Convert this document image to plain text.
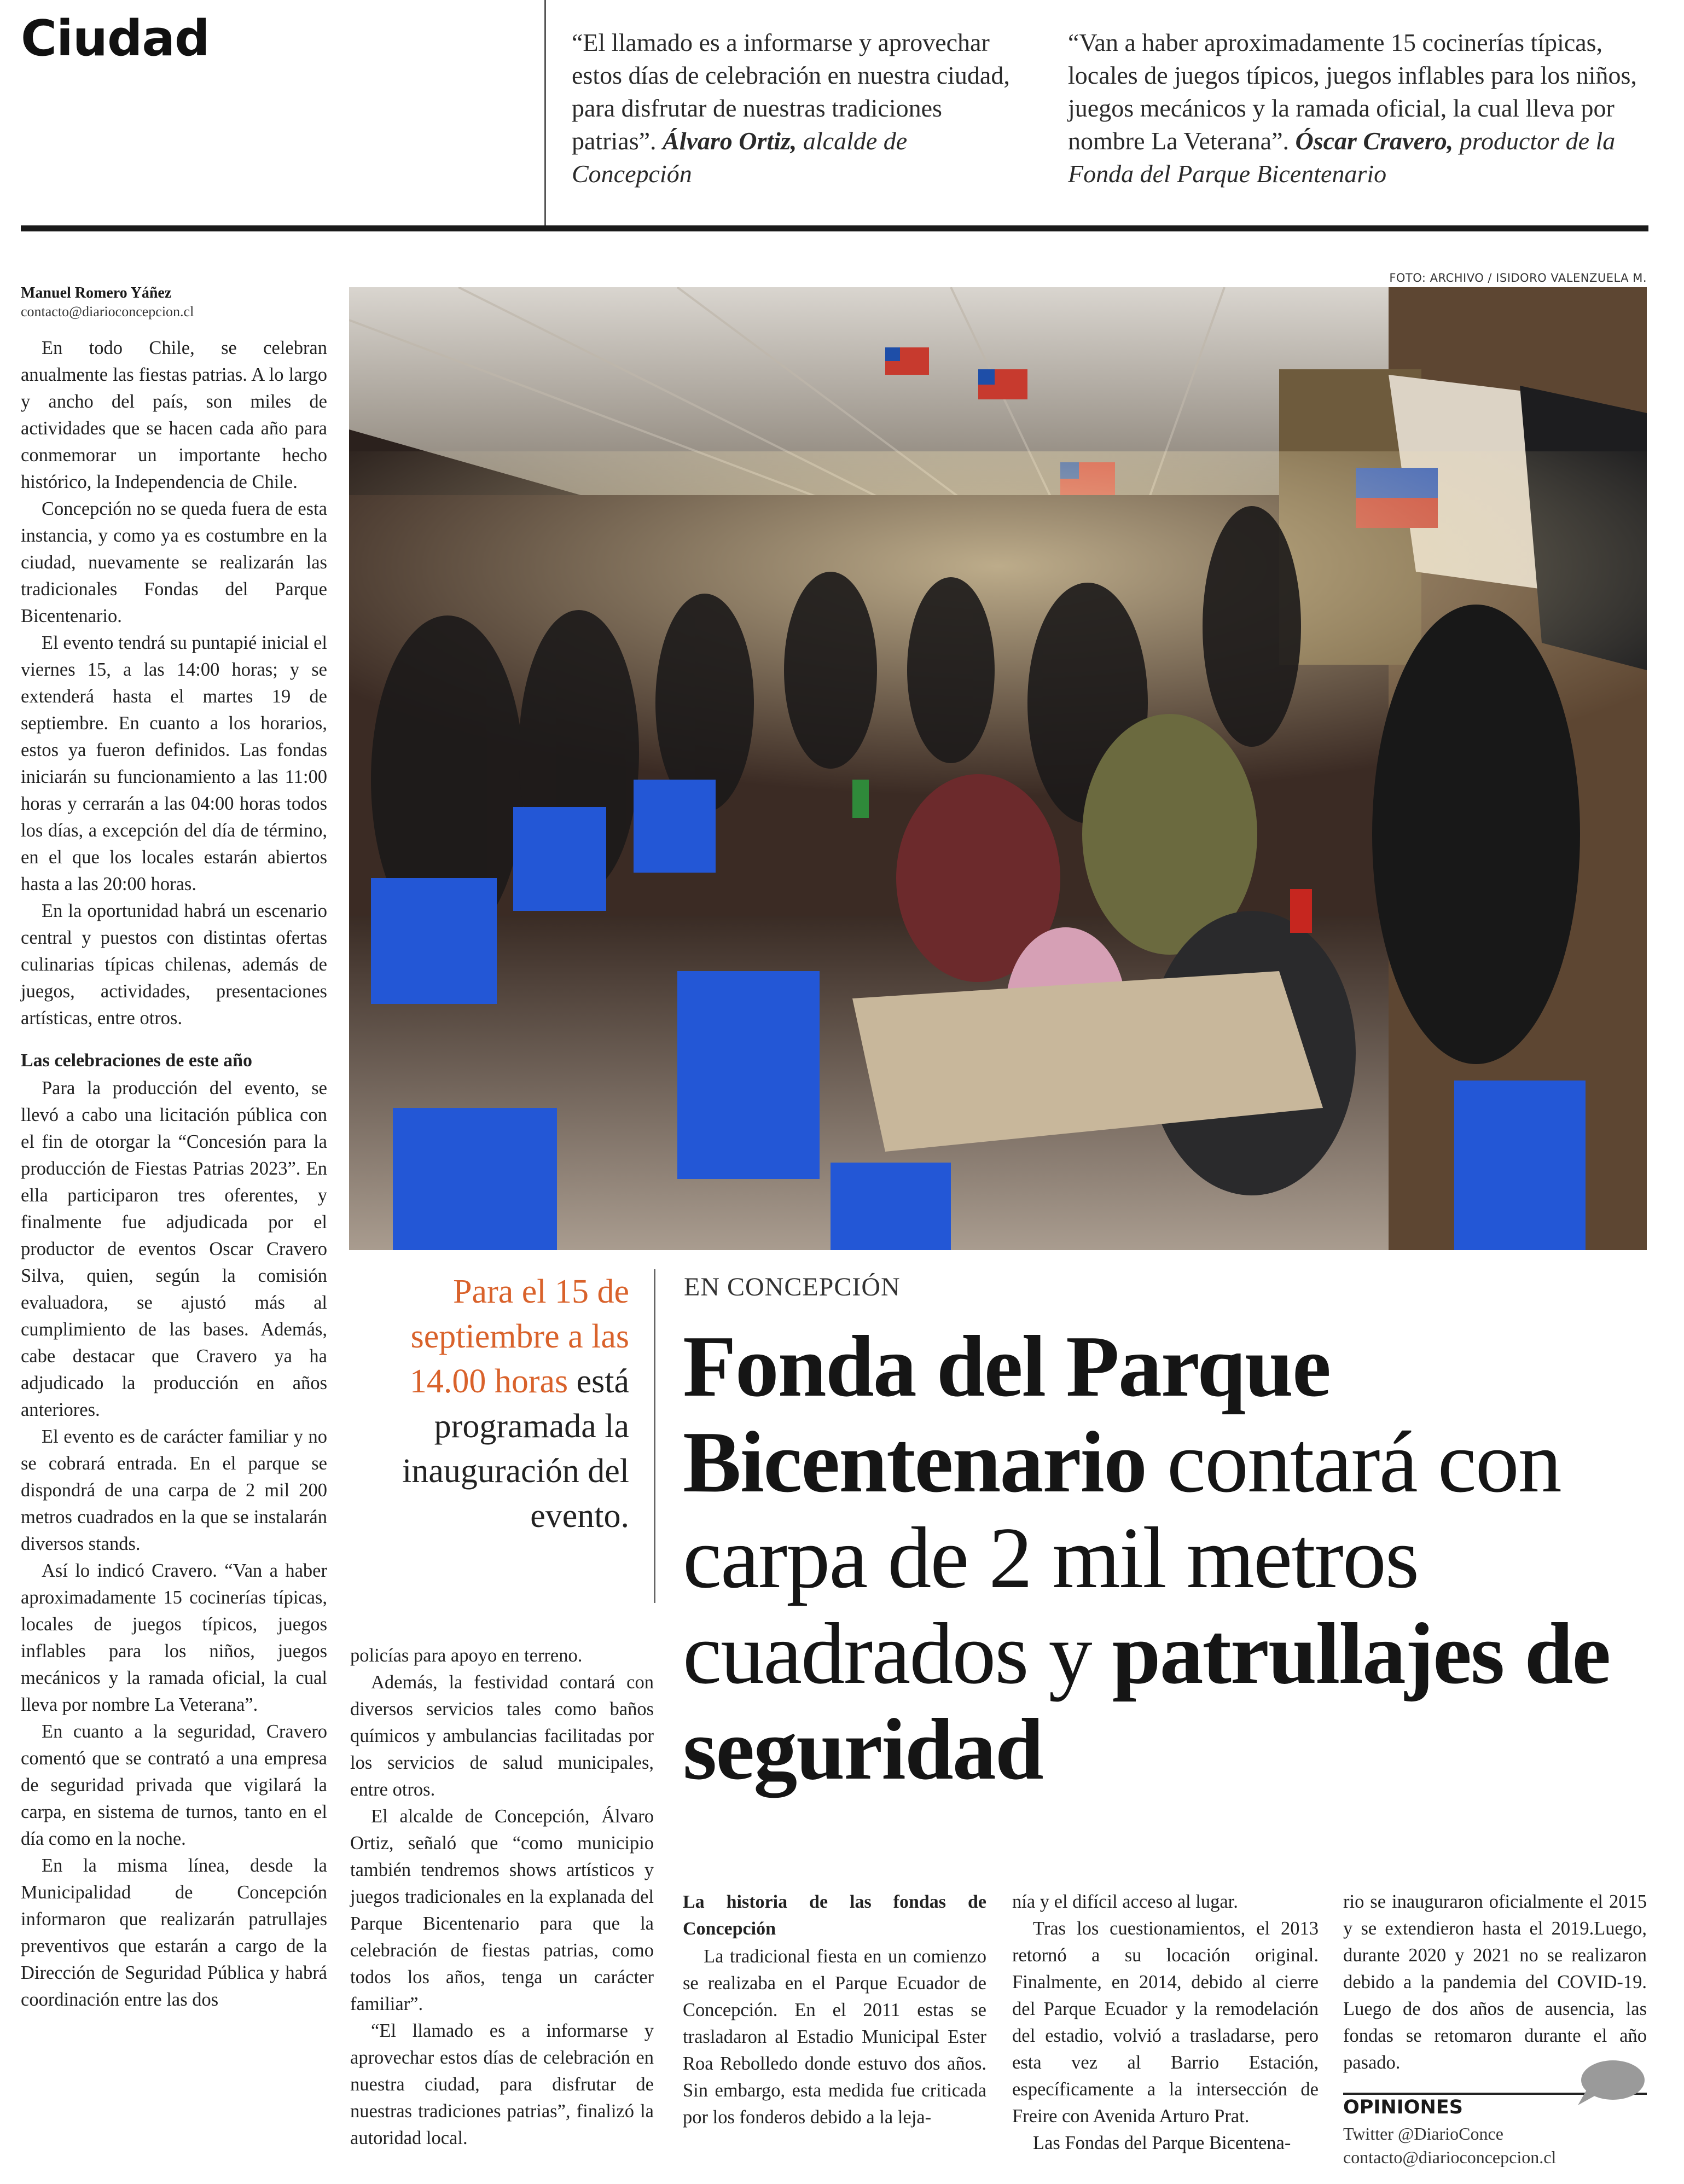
Ciudad	“El llamado es a informarse y aprovechar estos días de celebración en nuestra ciudad, para disfrutar de nuestras tradiciones patrias”. Álvaro Ortiz, alcalde de Concepción
“Van a haber aproximadamente 15 cocinerías típicas, locales de juegos típicos, juegos inflables para los niños, juegos mecánicos y la ramada oficial, la cual lleva por nombre La Veterana”. Óscar Cravero, productor de la Fonda del Parque Bicentenario
Manuel Romero Yáñez
contacto@diarioconcepcion.cl

En todo Chile, se celebran anualmente las fiestas patrias. A lo largo y ancho del país, son miles de actividades que se hacen cada año para conmemorar un importante hecho histórico, la Independencia de Chile.

Concepción no se queda fuera de esta instancia, y como ya es costumbre en la ciudad, nuevamente se realizarán las tradicionales Fondas del Parque Bicentenario.

El evento tendrá su puntapié inicial el viernes 15, a las 14:00 horas; y se extenderá hasta el martes 19 de septiembre. En cuanto a los horarios, estos ya fueron definidos. Las fondas iniciarán su funcionamiento a las 11:00 horas y cerrarán a las 04:00 horas todos los días, a excepción del día de término, en el que los locales estarán abiertos hasta a las 20:00 horas.

En la oportunidad habrá un escenario central y puestos con distintas ofertas culinarias típicas chilenas, además de juegos, actividades, presentaciones artísticas, entre otros.

Las celebraciones de este año

Para la producción del evento, se llevó a cabo una licitación pública con el fin de otorgar la “Concesión para la producción de Fiestas Patrias 2023”. En ella participaron tres oferentes, y finalmente fue adjudicada por el productor de eventos Oscar Cravero Silva, quien, según la comisión evaluadora, se ajustó más al cumplimiento de las bases. Además, cabe destacar que Cravero ya ha adjudicado la producción en años anteriores.

El evento es de carácter familiar y no se cobrará entrada. En el parque se dispondrá de una carpa de 2 mil 200 metros cuadrados en la que se instalarán diversos stands.

Así lo indicó Cravero. “Van a haber aproximadamente 15 cocinerías típicas, locales de juegos típicos, juegos inflables para los niños, juegos mecánicos y la ramada oficial, la cual lleva por nombre La Veterana”.

En cuanto a la seguridad, Cravero comentó que se contrató a una empresa de seguridad privada que vigilará la carpa, en sistema de turnos, tanto en el día como en la noche.

En la misma línea, desde la Municipalidad de Concepción informaron que realizarán patrullajes preventivos que estarán a cargo de la Dirección de Seguridad Pública y habrá coordinación entre las dos

FOTO: ARCHIVO / ISIDORO VALENZUELA M.
Para el 15 de septiembre a las 14.00 horas está programada la inauguración del evento.
EN CONCEPCIÓN
Fonda del Parque Bicentenario contará con carpa de 2 mil metros cuadrados y patrullajes de seguridad

policías para apoyo en terreno.

Además, la festividad contará con diversos servicios tales como baños químicos y ambulancias facilitadas por los servicios de salud municipales, entre otros.

El alcalde de Concepción, Álvaro Ortiz, señaló que “como municipio también tendremos shows artísticos y juegos tradicionales en la explanada del Parque Bicentenario para que la celebración de fiestas patrias, como todos los años, tenga un carácter familiar”.

“El llamado es a informarse y aprovechar estos días de celebración en nuestra ciudad, para disfrutar de nuestras tradiciones patrias”, finalizó la autoridad local.

La historia de las fondas de Concepción

La tradicional fiesta en un comienzo se realizaba en el Parque Ecuador de Concepción. En el 2011 estas se trasladaron al Estadio Municipal Ester Roa Rebolledo donde estuvo dos años. Sin embargo, esta medida fue criticada por los fonderos debido a la leja-

nía y el difícil acceso al lugar.

Tras los cuestionamientos, el 2013 retornó a su locación original. Finalmente, en 2014, debido al cierre del Parque Ecuador y la remodelación del estadio, volvió a trasladarse, pero esta vez al Barrio Estación, específicamente a la intersección de Freire con Avenida Arturo Prat.

Las Fondas del Parque Bicentena-

rio se inauguraron oficialmente el 2015 y se extendieron hasta el 2019.Luego, durante 2020 y 2021 no se realizaron debido a la pandemia del COVID-19. Luego de dos años de ausencia, las fondas se retomaron durante el año pasado.

OPINIONES
Twitter @DiarioConce
contacto@diarioconcepcion.cl
